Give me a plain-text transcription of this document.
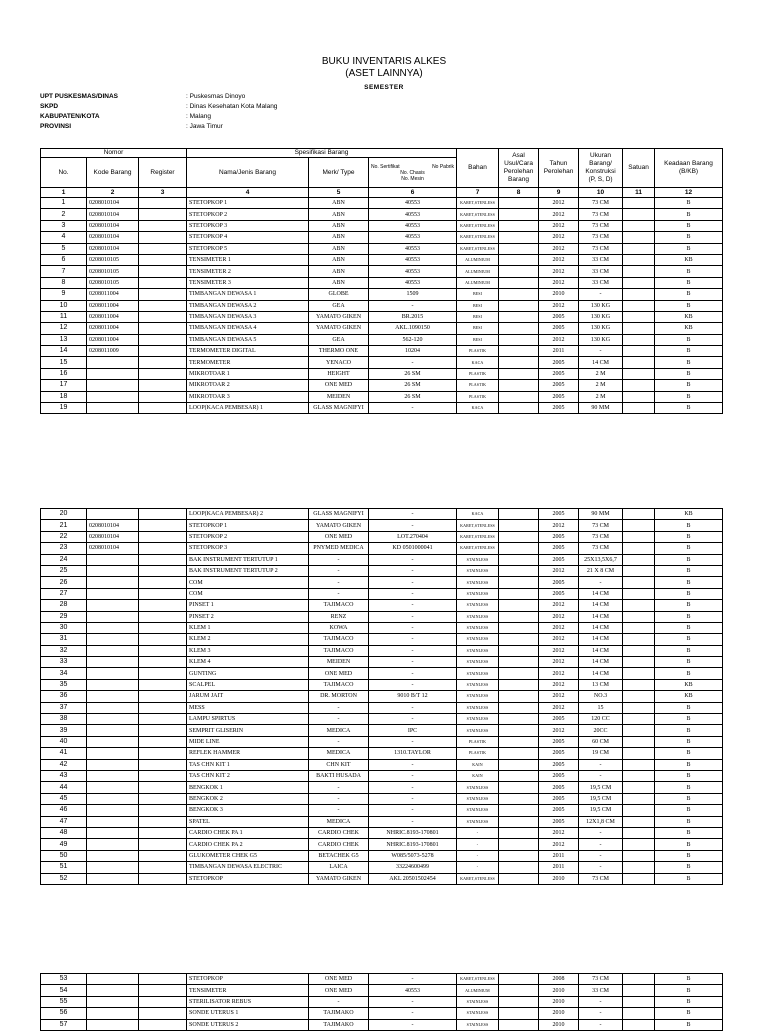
BUKU INVENTARIS ALKES
(ASET LAINNYA)
SEMESTER
UPT PUSKESMAS/DINAS	: Puskesmas Dinoyo
SKPD	: Dinas Kesehatan Kota Malang
KABUPATEN/KOTA	: Malang
PROVINSI	: Jawa Timur
Nomor			Spesifikasi Barang			Bahan	Asal Usul/Cara Perolehan Barang	Tahun Perolehan	Ukuran Barang/ Konstruksi (P, S, D)	Satuan	Keadaan Barang (B/KB)
No.	Kode Barang	Register	Nama/Jenis Barang	Merk/ Type	No. Sertifikat No Pabrik
No. Chasis
No. Mesin						

1	2	3	4	5	6	7	8	9	10	11	12
1	0208010104		STETOPKOP 1	ABN	40553	KARET,STENLESS		2012	73 CM		B
2	0208010104		STETOPKOP 2	ABN	40553	KARET,STENLESS		2012	73 CM		B
3	0208010104		STETOPKOP 3	ABN	40553	KARET,STENLESS		2012	73 CM		B
4	0208010104		STETOPKOP 4	ABN	40553	KARET,STENLESS		2012	73 CM		B
5	0208010104		STETOPKOP 5	ABN	40553	KARET,STENLESS		2012	73 CM		B
6	0208010105		TENSIMETER 1	ABN	40553	ALUMINIUM		2012	33 CM		KB
7	0208010105		TENSIMETER 2	ABN	40553	ALUMINIUM		2012	33 CM		B
8	0208010105		TENSIMETER 3	ABN	40553	ALUMINIUM		2012	33 CM		B
9	0208011004		TIMBANGAN DEWASA 1	GLOBE	1509	BESI		2010	-		B
10	0208011004		TIMBANGAN DEWASA 2	GEA	-	BESI		2012	130 KG		B
11	0208011004		TIMBANGAN DEWASA 3	YAMATO GIKEN	BR.2015	BESI		2005	130 KG		KB
12	0208011004		TIMBANGAN DEWASA 4	YAMATO GIKEN	AKL.1090150	BESI		2005	130 KG		KB
13	0208011004		TIMBANGAN DEWASA 5	GEA	562-120	BESI		2012	130 KG		B
14	0208011009		TERMOMETER DIGITAL	THERMO ONE	10204	PLASTIK		2011	-		B
15			TERMOMETER	YENACO	-	KACA		2005	14 CM		B
16			MIKROTOAR 1	HEIGHT	26 SM	PLASTIK		2005	2 M		B
17			MIKROTOAR 2	ONE MED	26 SM	PLASTIK		2005	2 M		B
18			MIKROTOAR 3	MEIDEN	26 SM	PLASTIK		2005	2 M		B
19			LOOP(KACA PEMBESAR) 1	GLASS MAGNIFYI	-	KACA		2005	90 MM		B
20			LOOP(KACA PEMBESAR) 2	GLASS MAGNIFYI	-	KACA		2005	90 MM		KB
21	0208010104		STETOPKOP 1	YAMATO GIKEN	-	KARET,STENLESS		2012	73 CM		B
22	0208010104		STETOPKOP 2	ONE MED	LOT.270404	KARET,STENLESS		2005	73 CM		B
23	0208010104		STETOPKOP 3	PNYMED MEDICA	KD 0501000041	KARET,STENLESS		2005	73 CM		B
24			BAK INSTRUMENT TERTUTUP 1	-	-	STAINLESS		2005	25X13,5X6,7		B
25			BAK INSTRUMENT TERTUTUP 2	-	-	STAINLESS		2012	21 X 8 CM		B
26			COM	-	-	STAINLESS		2005	-		B
27			COM	-	-	STAINLESS		2005	14 CM		B
28			PINSET 1	TAJIMACO	-	STAINLESS		2012	14 CM		B
29			PINSET 2	RENZ	-	STAINLESS		2012	14 CM		B
30			KLEM 1	KOWA	-	STAINLESS		2012	14 CM		B
31			KLEM 2	TAJIMACO	-	STAINLESS		2012	14 CM		B
32			KLEM 3	TAJIMACO	-	STAINLESS		2012	14 CM		B
33			KLEM 4	MEIDEN	-	STAINLESS		2012	14 CM		B
34			GUNTING	ONE MED	-	STAINLESS		2012	14 CM		B
35			SCALPEL	TAJIMACO	-	STAINLESS		2012	13 CM		KB
36			JARUM JAIT	DR. MORTON	9010 B/T 12	STAINLESS		2012	NO.3		KB
37			MESS	-	-	STAINLESS		2012	15		B
38			LAMPU SPIRTUS	-	-	STAINLESS		2005	120 CC		B
39			SEMPRIT GLISERIN	MEDICA	IPC	STAINLESS		2012	20CC		B
40			MIDE LINE	-	-	PLASTIK		2005	60 CM		B
41			REFLEK HAMMER	MEDICA	1310.TAYLOR	PLASTIK		2005	19 CM		B
42			TAS CHN KIT 1	CHN KIT	-	KAIN		2005	-		B
43			TAS CHN KIT 2	BAKTI HUSADA	-	KAIN		2005	-		B
44			BENGKOK 1	-	-	STAINLESS		2005	19,5 CM		B
45			BENGKOK 2	-	-	STAINLESS		2005	19,5 CM		B
46			BENGKOK 3	-	-	STAINLESS		2005	19,5 CM		B
47			SPATEL	MEDICA	-	STAINLESS		2005	12X1,8 CM		B
48			CARDIO CHEK PA 1	CARDIO CHEK	NHRIC.8193-170801	-		2012	-		B
49			CARDIO CHEK PA 2	CARDIO CHEK	NHRIC.8193-170801	-		2012	-		B
50			GLUKOMETER CHEK G5	BETACHEK G5	W085/5073-5278	-		2011	-		B
51			TIMBANGAN DEWASA ELECTRIC	LAICA	33224600499	-		2011	-		B
52			STETOPKOP	YAMATO GIKEN	AKL 20501502454	KARET,STENLESS		2010	73 CM		B
53			STETOPKOP	ONE MED	-	KARET,STENLESS		2008	73 CM		B
54			TENSIMETER	ONE MED	40553	ALUMINIUM		2010	33 CM		B
55			STERILISATOR REBUS	-	-	STAINLESS		2010	-		B
56			SONDE UTERUS 1	TAJIMAKO	-	STAINLESS		2010	-		B
57			SONDE UTERUS 2	TAJIMAKO	-	STAINLESS		2010	-		B
